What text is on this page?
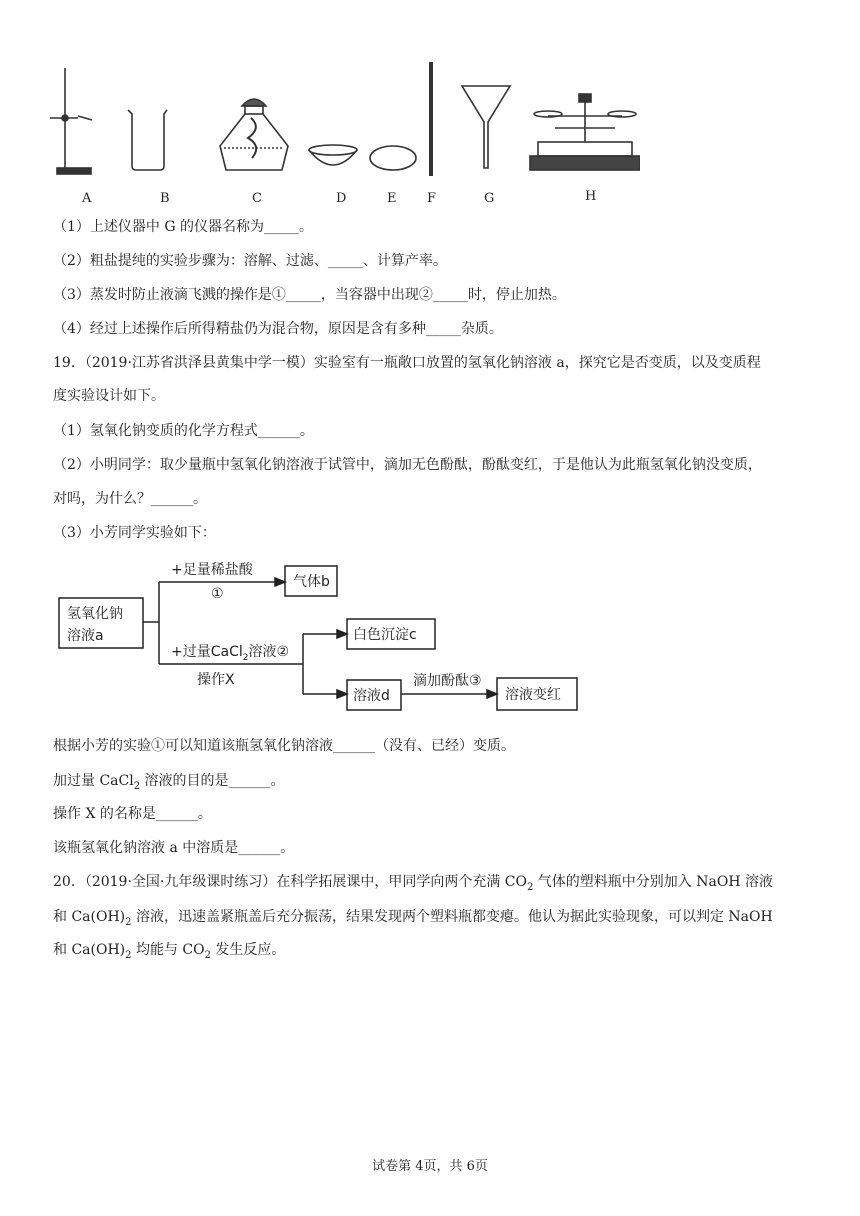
A	B	C	D	E F	G	H
（1）上述仪器中 G 的仪器名称为_____。
（2）粗盐提纯的实验步骤为：溶解、过滤、_____、计算产率。
（3）蒸发时防止液滴飞溅的操作是①_____，当容器中出现②_____时，停止加热。
（4）经过上述操作后所得精盐仍为混合物，原因是含有多种_____杂质。
19．（2019·江苏省洪泽县黄集中学一模）实验室有一瓶敞口放置的氢氧化钠溶液 a，探究它是否变质，以及变质程
度实验设计如下。
（1）氢氧化钠变质的化学方程式______。
（2）小明同学：取少量瓶中氢氧化钠溶液于试管中，滴加无色酚酞，酚酞变红，于是他认为此瓶氢氧化钠没变质，
对吗，为什么？______。
（3）小芳同学实验如下：
氢氧化钠
溶液a
+足量稀盐酸
①
气体b
+过量CaCl$_2$溶液②
操作X
白色沉淀c
溶液d
滴加酚酞③
溶液变红
根据小芳的实验①可以知道该瓶氢氧化钠溶液______（没有、已经）变质。
加过量 CaCl$_2$ 溶液的目的是______。
操作 X 的名称是______。
该瓶氢氧化钠溶液 a 中溶质是______。
20．（2019·全国·九年级课时练习）在科学拓展课中，甲同学向两个充满 $CO_2$ 气体的塑料瓶中分别加入 NaOH 溶液
和 $Ca(OH)_2$ 溶液，迅速盖紧瓶盖后充分振荡，结果发现两个塑料瓶都变瘪。他认为据此实验现象，可以判定 NaOH
和 $Ca(OH)_2$ 均能与 $CO_2$ 发生反应。
试卷第 4页，共 6页
